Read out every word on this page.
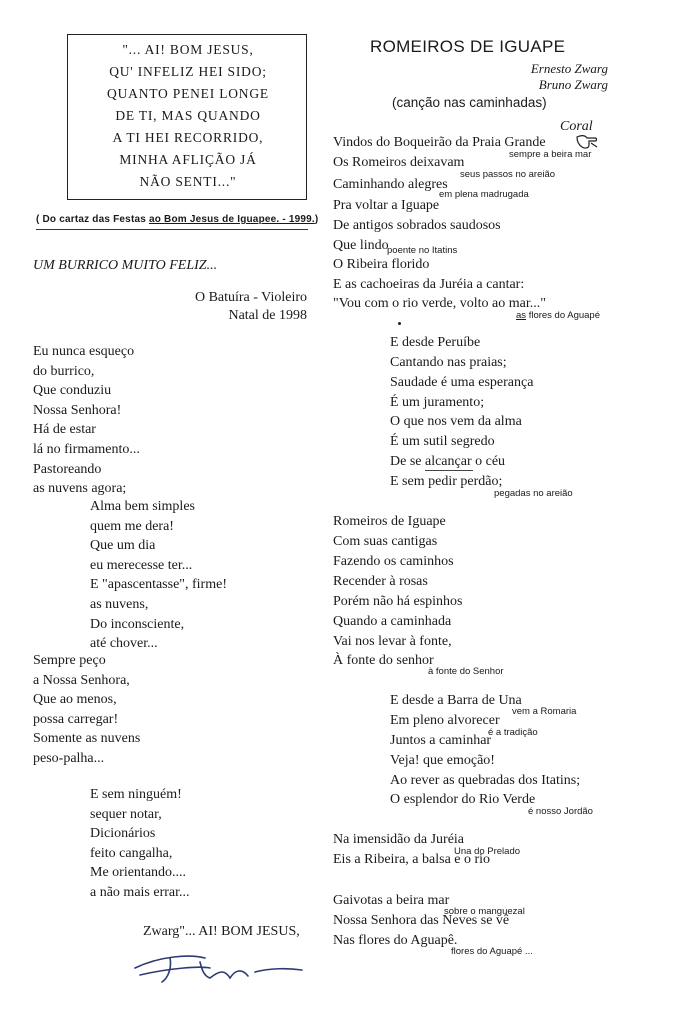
"... AI! BOM JESUS,
QU' INFELIZ HEI SIDO;
QUANTO PENEI LONGE
DE TI, MAS QUANDO
A TI HEI RECORRIDO,
MINHA AFLIÇÃO JÁ
NÃO SENTI..."
( Do cartaz das Festas ao Bom Jesus de Iguapee. - 1999.)
UM BURRICO MUITO FELIZ...
O Batuíra - Violeiro
Natal de 1998
Eu nunca esqueço
do burrico,
Que conduziu
Nossa Senhora!
Há de estar
lá no firmamento...
Pastoreando
as nuvens agora;
Alma bem simples
quem me dera!
Que um dia
eu merecesse ter...
E "apascentasse", firme!
as nuvens,
Do inconsciente,
até chover...
Sempre peço
a Nossa Senhora,
Que ao menos,
possa carregar!
Somente as nuvens
peso-palha...
E sem ninguém!
sequer notar,
Dicionários
feito cangalha,
Me orientando....
a não mais errar...
Zwarg"... AI! BOM JESUS,
ROMEIROS DE IGUAPE
Ernesto Zwarg
Bruno Zwarg
(canção nas caminhadas)
Coral
Vindos do Boqueirão da Praia Grande
Os Romeiros deixavam
Caminhando alegres
Pra voltar a Iguape
De antigos sobrados saudosos
Que lindo
O Ribeira florido
E as cachoeiras da Juréia a cantar:
"Vou com o rio verde, volto ao mar..."
sempre a beira mar
seus passos no areião
em plena madrugada
poente no Itatins
as flores do Aguapé
E desde Peruíbe
Cantando nas praias;
Saudade é uma esperança
É um juramento;
O que nos vem da alma
É um sutil segredo
De se alcançar o céu
E sem pedir perdão;
pegadas no areião
Romeiros de Iguape
Com suas cantigas
Fazendo os caminhos
Recender à rosas
Porém não há espinhos
Quando a caminhada
Vai nos levar à fonte,
À fonte do senhor
à fonte do Senhor
E desde a Barra de Una
Em pleno alvorecer
Juntos a caminhar
Veja! que emoção!
Ao rever as quebradas dos Itatins;
O esplendor do Rio Verde
vem a Romaria
é a tradição
é nosso Jordão
Na imensidão da Juréia
Eis a Ribeira, a balsa e o rio
Una do Prelado
Gaivotas a beira mar
Nossa Senhora das Neves se vê
Nas flores do Aguapê.
sobre o manguezal
flores do Aguapé ...
